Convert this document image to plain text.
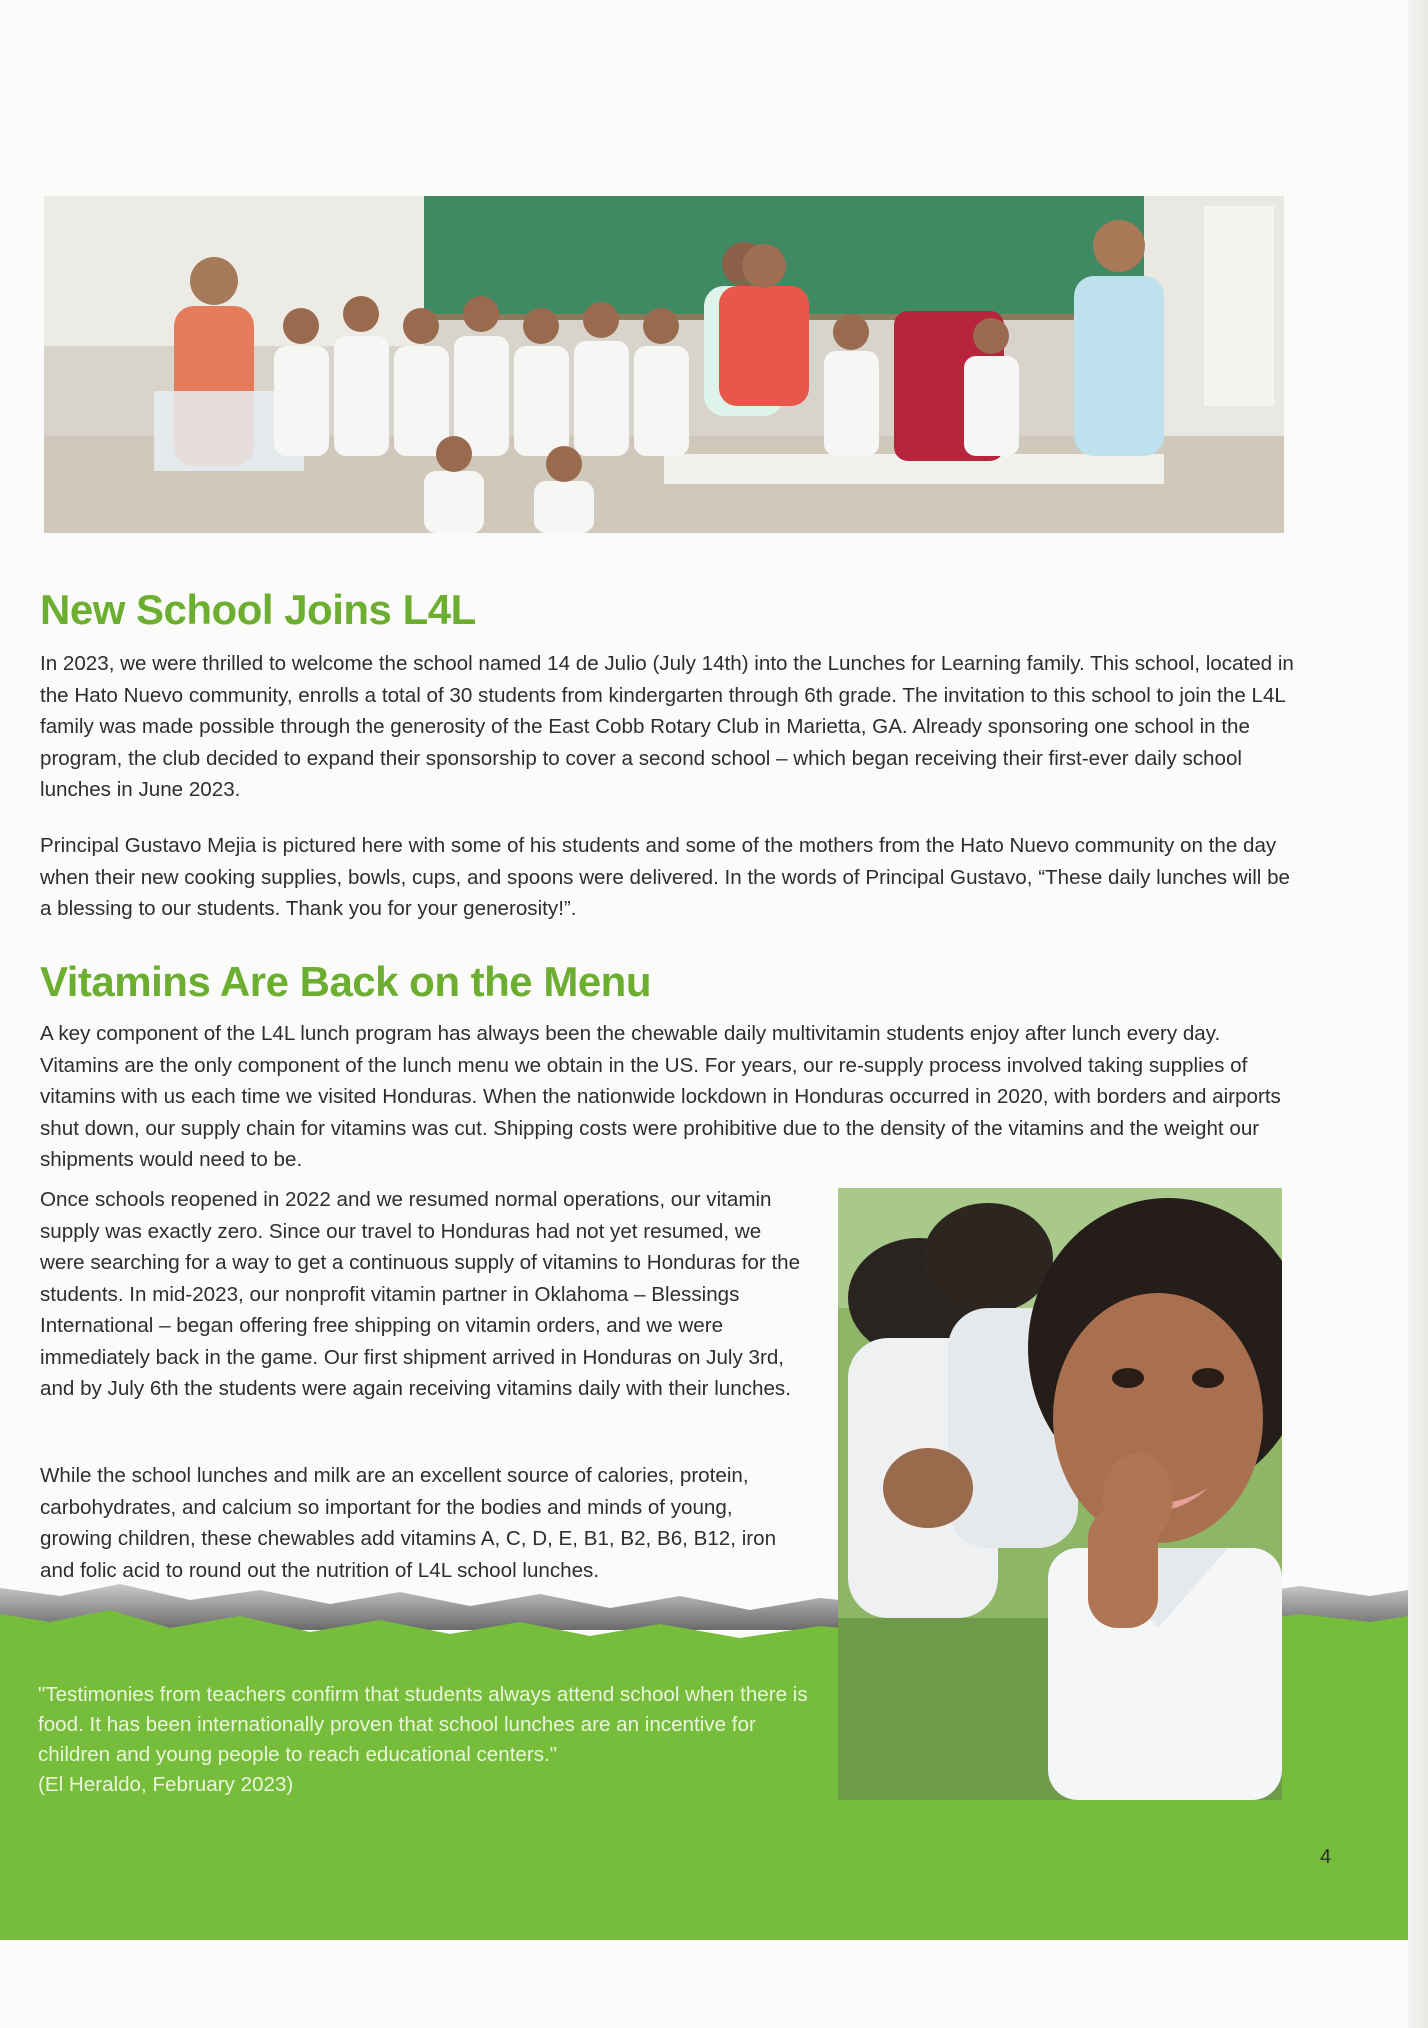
New School Joins L4L

In 2023, we were thrilled to welcome the school named 14 de Julio (July 14th) into the Lunches for Learning family. This school, located in the Hato Nuevo community, enrolls a total of 30 students from kindergarten through 6th grade. The invitation to this school to join the L4L family was made possible through the generosity of the East Cobb Rotary Club in Marietta, GA. Already sponsoring one school in the program, the club decided to expand their sponsorship to cover a second school – which began receiving their first-ever daily school lunches in June 2023.

Principal Gustavo Mejia is pictured here with some of his students and some of the mothers from the Hato Nuevo community on the day when their new cooking supplies, bowls, cups, and spoons were delivered. In the words of Principal Gustavo, “These daily lunches will be a blessing to our students. Thank you for your generosity!”.

Vitamins Are Back on the Menu

A key component of the L4L lunch program has always been the chewable daily multivitamin students enjoy after lunch every day. Vitamins are the only component of the lunch menu we obtain in the US. For years, our re-supply process involved taking supplies of vitamins with us each time we visited Honduras. When the nationwide lockdown in Honduras occurred in 2020, with borders and airports shut down, our supply chain for vitamins was cut. Shipping costs were prohibitive due to the density of the vitamins and the weight our shipments would need to be.

Once schools reopened in 2022 and we resumed normal operations, our vitamin supply was exactly zero. Since our travel to Honduras had not yet resumed, we were searching for a way to get a continuous supply of vitamins to Honduras for the students. In mid-2023, our nonprofit vitamin partner in Oklahoma – Blessings International – began offering free shipping on vitamin orders, and we were immediately back in the game. Our first shipment arrived in Honduras on July 3rd, and by July 6th the students were again receiving vitamins daily with their lunches.

While the school lunches and milk are an excellent source of calories, protein, carbohydrates, and calcium so important for the bodies and minds of young, growing children, these chewables add vitamins A, C, D, E, B1, B2, B6, B12, iron and folic acid to round out the nutrition of L4L school lunches.

"Testimonies from teachers confirm that students always attend school when there is food. It has been internationally proven that school lunches are an incentive for children and young people to reach educational centers."
(El Heraldo, February 2023)

4
